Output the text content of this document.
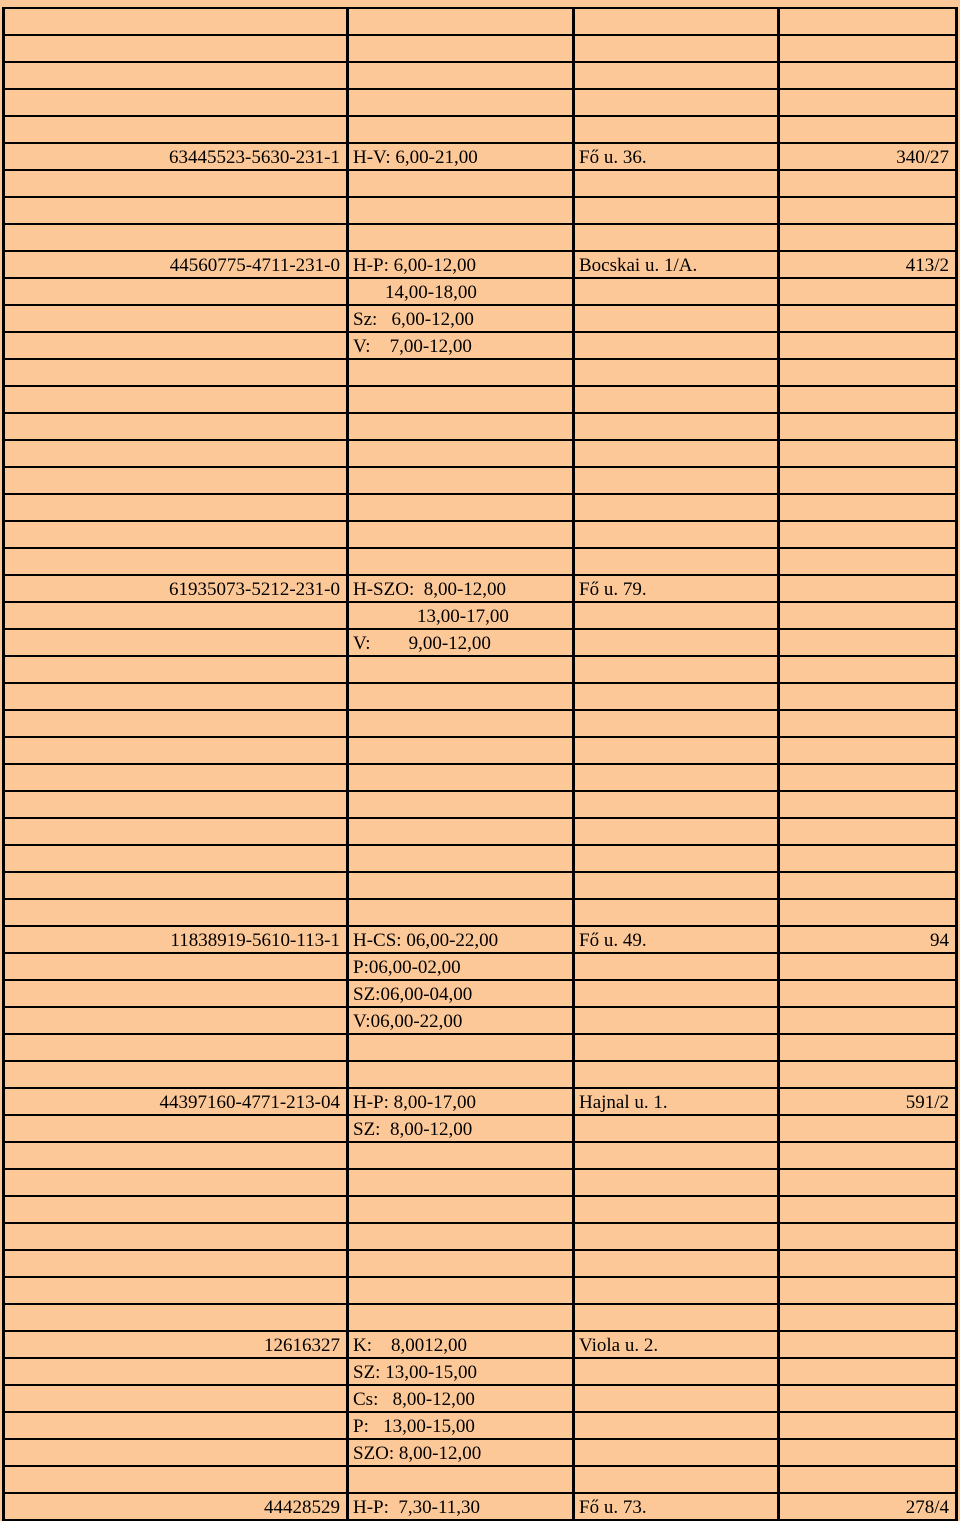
63445523-5630-231-1 H-V: 6,00-21,00	Fő u. 36.	340/27
44560775-4711-231-0 H-P: 6,00-12,00	Bocskai u. 1/A.	413/2
14,00-18,00
Sz:   6,00-12,00
V:    7,00-12,00
61935073-5212-231-0 H-SZO:  8,00-12,00	Fő u. 79.
13,00-17,00
V:        9,00-12,00
11838919-5610-113-1 H-CS: 06,00-22,00	Fő u. 49.	94
P:06,00-02,00
SZ:06,00-04,00
V:06,00-22,00
44397160-4771-213-04 H-P: 8,00-17,00	Hajnal u. 1.	591/2
SZ:  8,00-12,00
12616327 K:    8,0012,00	Viola u. 2.
SZ: 13,00-15,00
Cs:   8,00-12,00
P:   13,00-15,00
SZO: 8,00-12,00
44428529 H-P:  7,30-11,30	Fő u. 73.	278/4
